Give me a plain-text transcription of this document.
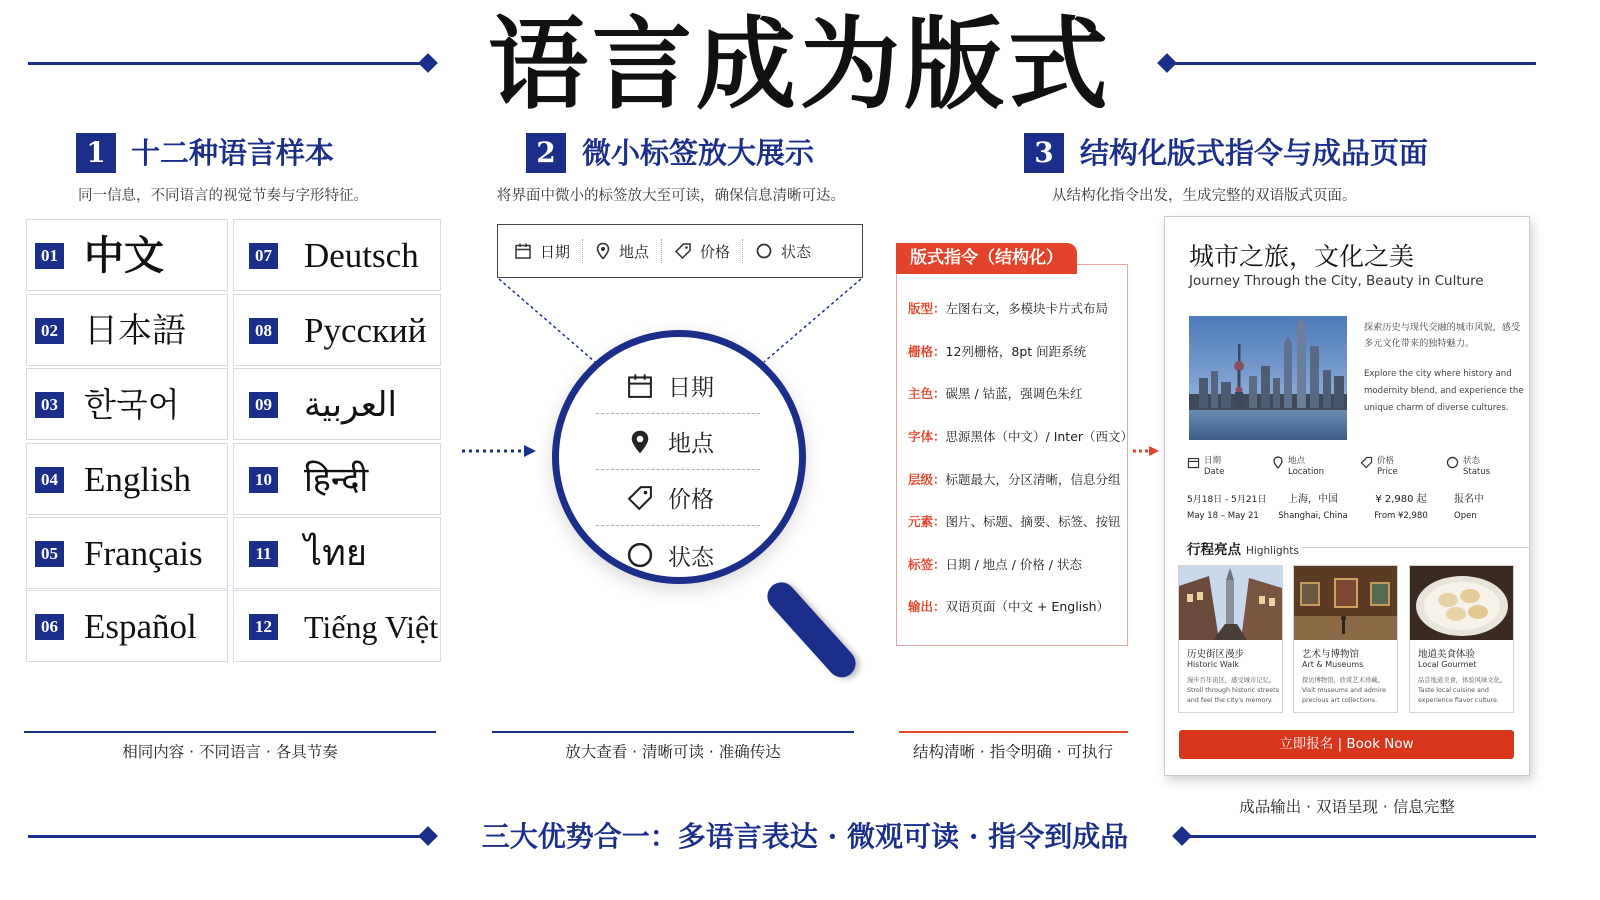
语言成为版式
1 十二种语言样本
同一信息，不同语言的视觉节奏与字形特征。
2 微小标签放大展示
将界面中微小的标签放大至可读，确保信息清晰可达。
3 结构化版式指令与成品页面
从结构化指令出发，生成完整的双语版式页面。
01 中文
02 日本語
03 한국어
04 English
05 Français
06 Español
07 Deutsch
08 Русский
09 العربية
10 हिन्दी
11 ไทย
12 Tiếng Việt
日期	地点	价格	状态
日期
地点
价格
状态
版式指令（结构化）
版型：左图右文，多模块卡片式布局
栅格：12列栅格，8pt 间距系统
主色：碳黑 / 钴蓝，强调色朱红
字体：思源黑体（中文）/ Inter（西文）
层级：标题最大，分区清晰，信息分组
元素：图片、标题、摘要、标签、按钮
标签：日期 / 地点 / 价格 / 状态
输出：双语页面（中文 + English）
城市之旅，文化之美
Journey Through the City, Beauty in Culture
探索历史与现代交融的城市风貌，感受多元文化带来的独特魅力。
Explore the city where history and modernity blend, and experience the unique charm of diverse cultures.
日期
Date
5月18日 - 5月21日
May 18 – May 21
地点
Location
上海，中国
Shanghai, China
价格
Price
¥ 2,980 起
From ¥2,980
状态
Status
报名中
Open
行程亮点 Highlights
历史街区漫步
Historic Walk
漫步百年街区，感受城市记忆。
Stroll through historic streets
and feel the city's memory.
艺术与博物馆
Art & Museums
探访博物馆，欣赏艺术珍藏。
Visit museums and admire
precious art collections.
地道美食体验
Local Gourmet
品尝地道美食，体验风味文化。
Taste local cuisine and
experience flavor culture.
立即报名 | Book Now
相同内容 · 不同语言 · 各具节奏	放大查看 · 清晰可读 · 准确传达	结构清晰 · 指令明确 · 可执行
成品输出 · 双语呈现 · 信息完整
三大优势合一：多语言表达 · 微观可读 · 指令到成品
